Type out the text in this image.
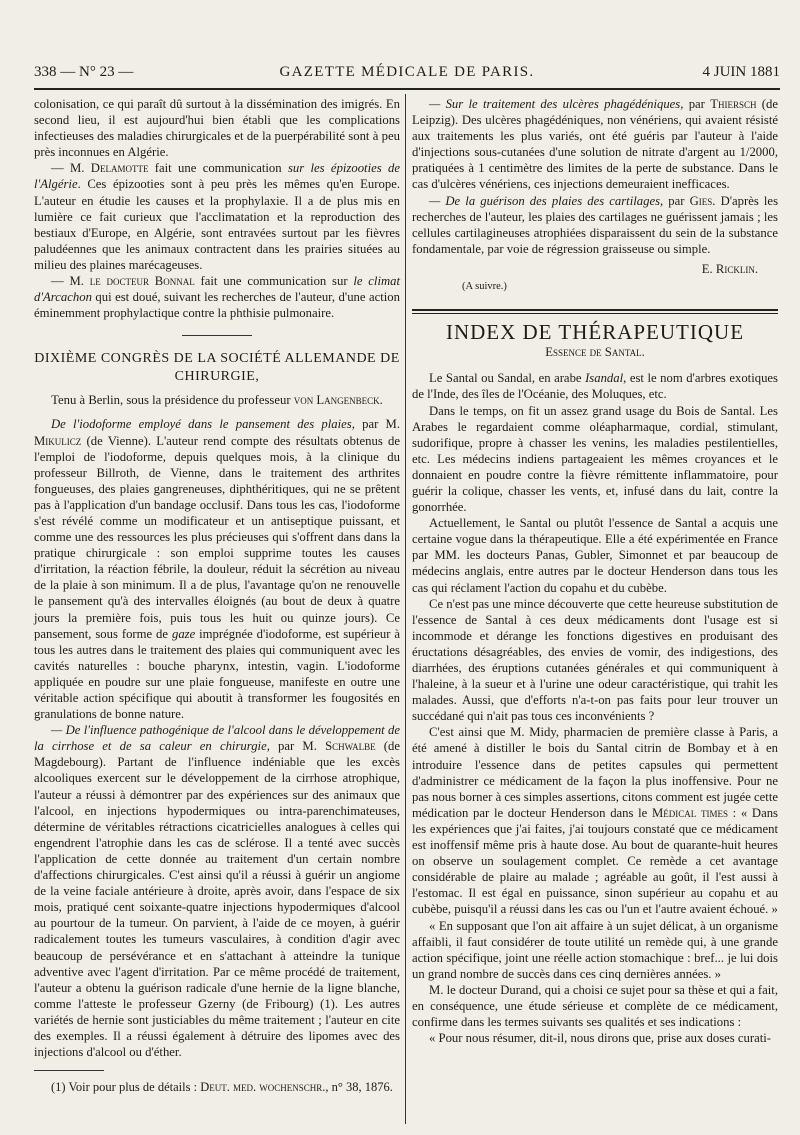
338 — N° 23 —	GAZETTE MÉDICALE DE PARIS.	4 JUIN 1881

colonisation, ce qui paraît dû surtout à la dissémination des imigrés. En second lieu, il est aujourd'hui bien établi que les complications infectieuses des maladies chirurgicales et de la puerpérabilité sont à peu près inconnues en Algérie.

— M. Delamotte fait une communication sur les épizooties de l'Algérie. Ces épizooties sont à peu près les mêmes qu'en Europe. L'auteur en étudie les causes et la prophylaxie. Il a de plus mis en lumière ce fait curieux que l'acclimatation et la reproduction des bestiaux d'Europe, en Algérie, sont entravées surtout par les fièvres paludéennes que les animaux contractent dans les prairies situées au milieu des plaines marécageuses.

— M. le docteur Bonnal fait une communication sur le climat d'Arcachon qui est doué, suivant les recherches de l'auteur, d'une action éminemment prophylactique contre la phthisie pulmonaire.

DIXIÈME CONGRÈS DE LA SOCIÉTÉ ALLEMANDE DE CHIRURGIE,

Tenu à Berlin, sous la présidence du professeur von Langenbeck.

De l'iodoforme employé dans le pansement des plaies, par M. Mikulicz (de Vienne). L'auteur rend compte des résultats obtenus de l'emploi de l'iodoforme, depuis quelques mois, à la clinique du professeur Billroth, de Vienne, dans le traitement des arthrites fongueuses, des plaies gangreneuses, diphthéritiques, qui ne se prêtent pas à l'application d'un bandage occlusif. Dans tous les cas, l'iodoforme s'est révélé comme un modificateur et un antiseptique puissant, et comme une des ressources les plus précieuses qui s'offrent dans dans la pratique chirurgicale : son emploi supprime toutes les causes d'irritation, la réaction fébrile, la douleur, réduit la sécrétion au niveau de la plaie à son minimum. Il a de plus, l'avantage qu'on ne renouvelle le pansement qu'à des intervalles éloignés (au bout de deux à quatre jours la première fois, puis tous les huit ou quinze jours). Ce pansement, sous forme de gaze imprégnée d'iodoforme, est supérieur à tous les autres dans le traitement des plaies qui communiquent avec les cavités naturelles : bouche pharynx, intestin, vagin. L'iodoforme appliquée en poudre sur une plaie fongueuse, manifeste en outre une véritable action spécifique qui aboutit à transformer les fougosités en granulations de bonne nature.

— De l'influence pathogénique de l'alcool dans le développement de la cirrhose et de sa caleur en chirurgie, par M. Schwalbe (de Magdebourg). Partant de l'influence indéniable que les excès alcooliques exercent sur le développement de la cirrhose atrophique, l'auteur a réussi à démontrer par des expériences sur des animaux que l'alcool, en injections hypodermiques ou intra-parenchimateuses, détermine de véritables rétractions cicatricielles analogues à celles qui engendrent l'atrophie dans les cas de sclérose. Il a tenté avec succès l'application de cette donnée au traitement d'un certain nombre d'affections chirurgicales. C'est ainsi qu'il a réussi à guérir un angiome de la veine faciale antérieure à droite, après avoir, dans l'espace de six mois, pratiqué cent soixante-quatre injections hypodermiques d'alcool au pourtour de la tumeur. On parvient, à l'aide de ce moyen, à guérir radicalement toutes les tumeurs vasculaires, à condition d'agir avec beaucoup de persévérance et en s'attachant à atteindre la tunique adventive avec l'agent d'irritation. Par ce même procédé de traitement, l'auteur a obtenu la guérison radicale d'une hernie de la ligne blanche, comme l'atteste le professeur Gzerny (de Fribourg) (1). Les autres variétés de hernie sont justiciables du même traitement ; l'auteur en cite des exemples. Il a réussi également à détruire des lipomes avec des injections d'alcool ou d'éther.

(1) Voir pour plus de détails : Deut. med. wochenschr., n° 38, 1876.

— Sur le traitement des ulcères phagédéniques, par Thiersch (de Leipzig). Des ulcères phagédéniques, non vénériens, qui avaient résisté aux traitements les plus variés, ont été guéris par l'auteur à l'aide d'injections sous-cutanées d'une solution de nitrate d'argent au 1/2000, pratiquées à 1 centimètre des limites de la perte de substance. Dans le cas d'ulcères vénériens, ces injections demeuraient inefficaces.

— De la guérison des plaies des cartilages, par Gies. D'après les recherches de l'auteur, les plaies des cartilages ne guérissent jamais ; les cellules cartilagineuses atrophiées disparaissent du sein de la substance fondamentale, par voie de régression graisseuse ou simple.

E. Ricklin.

(A suivre.)

INDEX DE THÉRAPEUTIQUE

Essence de Santal.

Le Santal ou Sandal, en arabe Isandal, est le nom d'arbres exotiques de l'Inde, des îles de l'Océanie, des Moluques, etc.

Dans le temps, on fit un assez grand usage du Bois de Santal. Les Arabes le regardaient comme oléapharmaque, cordial, stimulant, sudorifique, propre à chasser les venins, les maladies pestilentielles, etc. Les médecins indiens partageaient les mêmes croyances et le donnaient en poudre contre la fièvre rémittente inflammatoire, pour guérir la colique, chasser les vents, et, infusé dans du lait, contre la gonorrhée.

Actuellement, le Santal ou plutôt l'essence de Santal a acquis une certaine vogue dans la thérapeutique. Elle a été expérimentée en France par MM. les docteurs Panas, Gubler, Simonnet et par beaucoup de médecins anglais, entre autres par le docteur Henderson dans tous les cas qui réclament l'action du copahu et du cubèbe.

Ce n'est pas une mince découverte que cette heureuse substitution de l'essence de Santal à ces deux médicaments dont l'usage est si incommode et dérange les fonctions digestives en produisant des éructations désagréables, des envies de vomir, des indigestions, des diarrhées, des éruptions cutanées générales et qui communiquent à l'haleine, à la sueur et à l'urine une odeur caractéristique, qui trahit les malades. Aussi, que d'efforts n'a-t-on pas faits pour leur trouver un succédané qui n'ait pas tous ces inconvénients ?

C'est ainsi que M. Midy, pharmacien de première classe à Paris, a été amené à distiller le bois du Santal citrin de Bombay et à en introduire l'essence dans de petites capsules qui permettent d'administrer ce médicament de la façon la plus inoffensive. Pour ne pas nous borner à ces simples assertions, citons comment est jugée cette médication par le docteur Henderson dans le Médical times : « Dans les expériences que j'ai faites, j'ai toujours constaté que ce médicament est inoffensif même pris à haute dose. Au bout de quarante-huit heures on observe un soulagement complet. Ce remède a cet avantage considérable de plaire au malade ; agréable au goût, il l'est aussi à l'estomac. Il est égal en puissance, sinon supérieur au copahu et au cubèbe, puisqu'il a réussi dans les cas ou l'un et l'autre avaient échoué. »

« En supposant que l'on ait affaire à un sujet délicat, à un organisme affaibli, il faut considérer de toute utilité un remède qui, à une grande action spécifique, joint une réelle action stomachique : bref... je lui dois un grand nombre de succès dans ces cinq dernières années. »

M. le docteur Durand, qui a choisi ce sujet pour sa thèse et qui a fait, en conséquence, une étude sérieuse et complète de ce médicament, confirme dans les termes suivants ses qualités et ses indications :

« Pour nous résumer, dit-il, nous dirons que, prise aux doses curati-
